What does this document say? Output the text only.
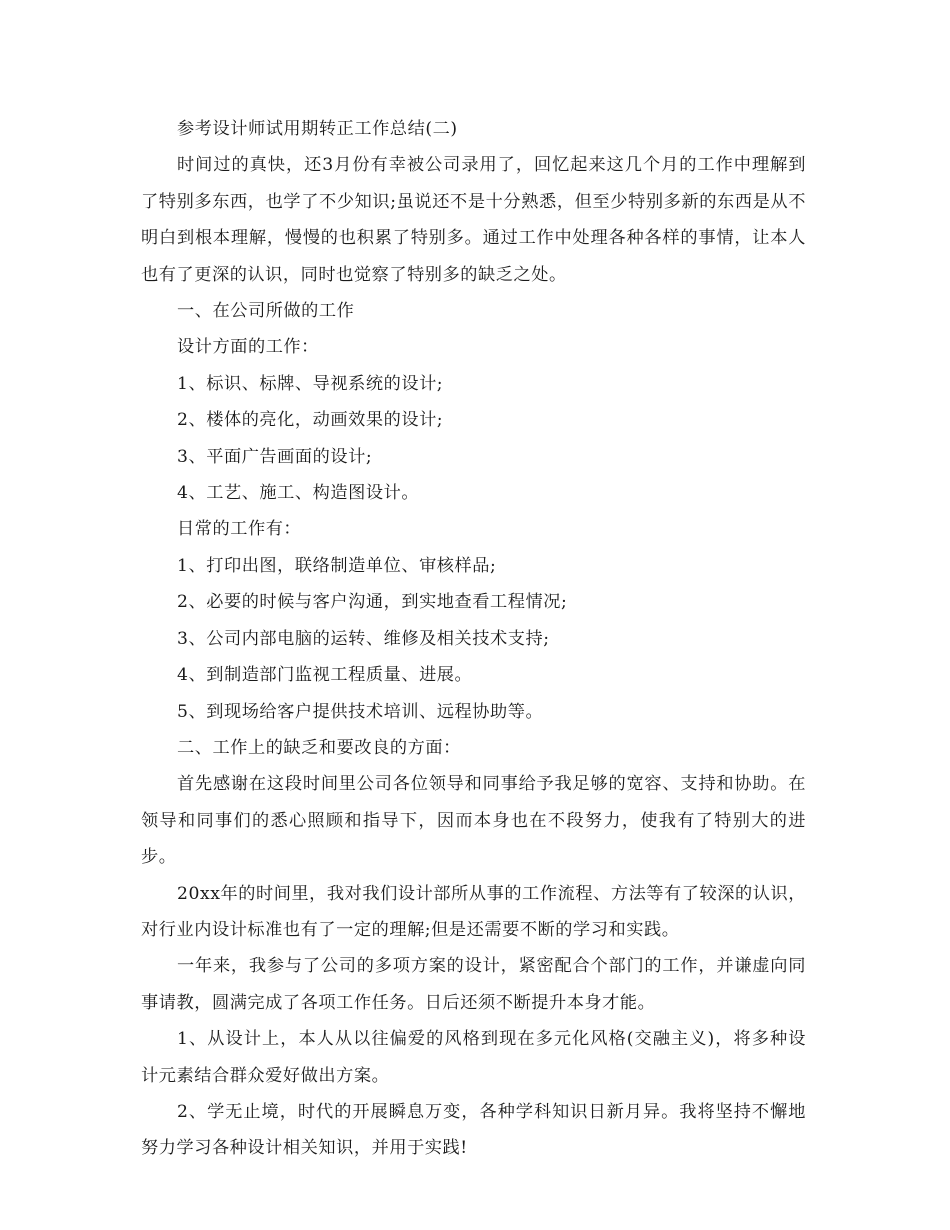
参考设计师试用期转正工作总结(二)

时间过的真快，还3月份有幸被公司录用了，回忆起来这几个月的工作中理解到了特别多东西，也学了不少知识;虽说还不是十分熟悉，但至少特别多新的东西是从不明白到根本理解，慢慢的也积累了特别多。通过工作中处理各种各样的事情，让本人也有了更深的认识，同时也觉察了特别多的缺乏之处。

一、在公司所做的工作

设计方面的工作：

1、标识、标牌、导视系统的设计;

2、楼体的亮化，动画效果的设计;

3、平面广告画面的设计;

4、工艺、施工、构造图设计。

日常的工作有：

1、打印出图，联络制造单位、审核样品;

2、必要的时候与客户沟通，到实地查看工程情况;

3、公司内部电脑的运转、维修及相关技术支持;

4、到制造部门监视工程质量、进展。

5、到现场给客户提供技术培训、远程协助等。

二、工作上的缺乏和要改良的方面：

首先感谢在这段时间里公司各位领导和同事给予我足够的宽容、支持和协助。在领导和同事们的悉心照顾和指导下，因而本身也在不段努力，使我有了特别大的进步。

20xx年的时间里，我对我们设计部所从事的工作流程、方法等有了较深的认识，对行业内设计标准也有了一定的理解;但是还需要不断的学习和实践。

一年来，我参与了公司的多项方案的设计，紧密配合个部门的工作，并谦虚向同事请教，圆满完成了各项工作任务。日后还须不断提升本身才能。

1、从设计上，本人从以往偏爱的风格到现在多元化风格(交融主义)，将多种设计元素结合群众爱好做出方案。

2、学无止境，时代的开展瞬息万变，各种学科知识日新月异。我将坚持不懈地努力学习各种设计相关知识，并用于实践!
